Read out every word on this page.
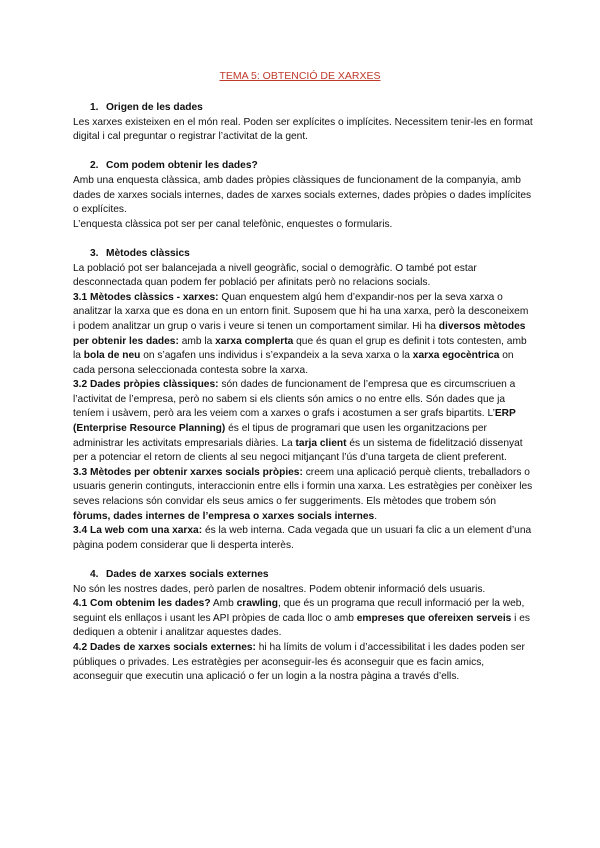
TEMA 5: OBTENCIÓ DE XARXES

1. Origen de les dades

Les xarxes existeixen en el món real. Poden ser explícites o implícites. Necessitem tenir-les en format digital i cal preguntar o registrar l’activitat de la gent.

2. Com podem obtenir les dades?

Amb una enquesta clàssica, amb dades pròpies clàssiques de funcionament de la companyia, amb dades de xarxes socials internes, dades de xarxes socials externes, dades pròpies o dades implícites o explícites.

L’enquesta clàssica pot ser per canal telefònic, enquestes o formularis.

3. Mètodes clàssics

La població pot ser balancejada a nivell geogràfic, social o demogràfic. O també pot estar desconnectada quan podem fer població per afinitats però no relacions socials.

3.1 Mètodes clàssics - xarxes: Quan enquestem algú hem d’expandir-nos per la seva xarxa o analitzar la xarxa que es dona en un entorn finit. Suposem que hi ha una xarxa, però la desconeixem i podem analitzar un grup o varis i veure si tenen un comportament similar. Hi ha diversos mètodes per obtenir les dades: amb la xarxa complerta que és quan el grup es definit i tots contesten, amb la bola de neu on s’agafen uns individus i s’expandeix a la seva xarxa o la xarxa egocèntrica on cada persona seleccionada contesta sobre la xarxa.

3.2 Dades pròpies clàssiques: són dades de funcionament de l’empresa que es circumscriuen a l’activitat de l’empresa, però no sabem si els clients són amics o no entre ells. Són dades que ja teníem i usàvem, però ara les veiem com a xarxes o grafs i acostumen a ser grafs bipartits. L’ERP (Enterprise Resource Planning) és el tipus de programari que usen les organitzacions per administrar les activitats empresarials diàries. La tarja client és un sistema de fidelització dissenyat per a potenciar el retorn de clients al seu negoci mitjançant l’ús d’una targeta de client preferent.

3.3 Mètodes per obtenir xarxes socials pròpies: creem una aplicació perquè clients, treballadors o usuaris generin continguts, interaccionin entre ells i formin una xarxa. Les estratègies per conèixer les seves relacions són convidar els seus amics o fer suggeriments. Els mètodes que trobem són fòrums, dades internes de l’empresa o xarxes socials internes.

3.4 La web com una xarxa: és la web interna. Cada vegada que un usuari fa clic a un element d’una pàgina podem considerar que li desperta interès.

4. Dades de xarxes socials externes

No són les nostres dades, però parlen de nosaltres. Podem obtenir informació dels usuaris.

4.1 Com obtenim les dades? Amb crawling, que és un programa que recull informació per la web, seguint els enllaços i usant les API pròpies de cada lloc o amb empreses que ofereixen serveis i es dediquen a obtenir i analitzar aquestes dades.

4.2 Dades de xarxes socials externes: hi ha límits de volum i d’accessibilitat i les dades poden ser públiques o privades. Les estratègies per aconseguir-les és aconseguir que es facin amics, aconseguir que executin una aplicació o fer un login a la nostra pàgina a través d’ells.
